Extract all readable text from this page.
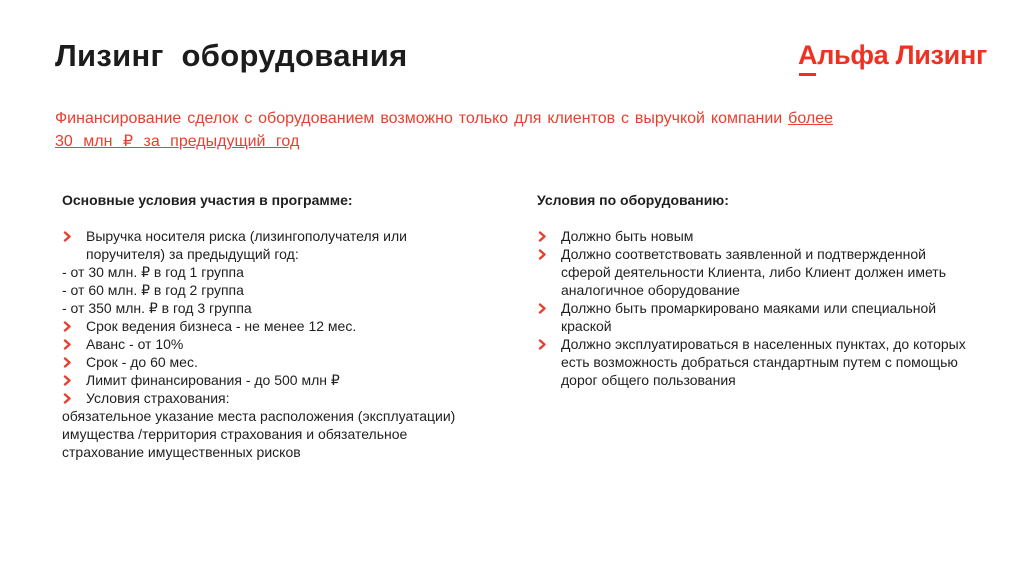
Лизинг  оборудования	Альфа Лизинг
Финансирование сделок с оборудованием возможно только для клиентов с выручкой компании более 30 млн ₽ за предыдущий год
Основные условия участия в программе:
Выручка носителя риска (лизингополучателя или поручителя) за предыдущий год:
- от 30 млн. ₽ в год 1 группа
- от 60 млн. ₽ в год 2 группа
- от 350 млн. ₽ в год 3 группа
Срок ведения бизнеса - не менее 12 мес.
Аванс - от 10%
Срок - до 60 мес.
Лимит финансирования - до 500 млн ₽
Условия страхования:
обязательное указание места расположения (эксплуатации) имущества /территория страхования и обязательное страхование имущественных рисков
Условия по оборудованию:
Должно быть новым
Должно соответствовать заявленной и подтвержденной сферой деятельности Клиента, либо Клиент должен иметь аналогичное оборудование
Должно быть промаркировано маяками или специальной краской
Должно эксплуатироваться в населенных пунктах, до которых есть возможность добраться стандартным путем с помощью дорог общего пользования
